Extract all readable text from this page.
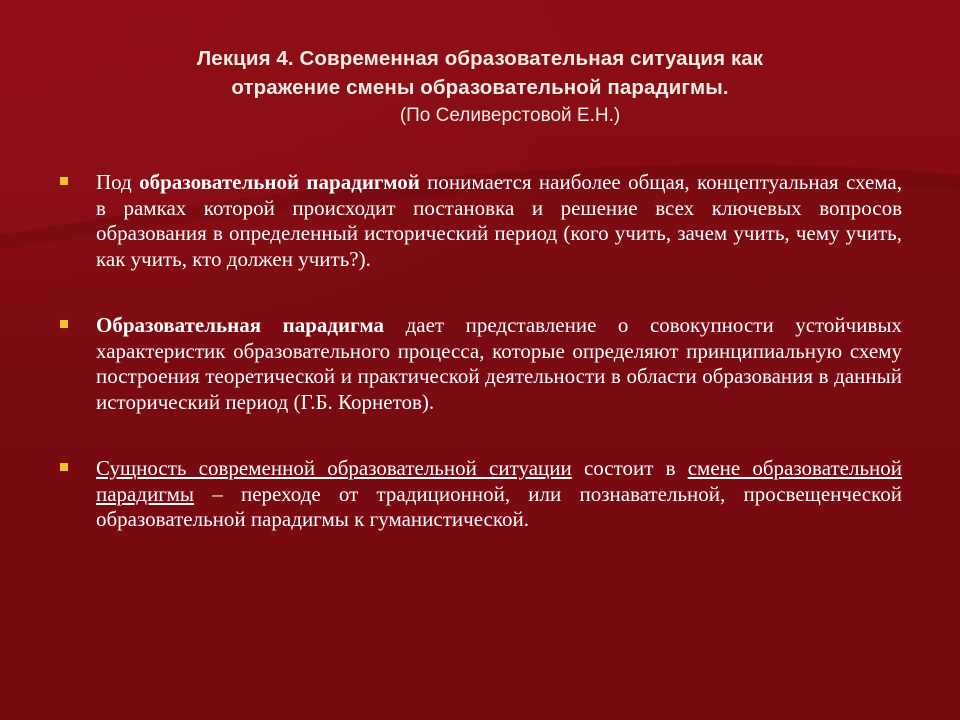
Лекция 4. Современная образовательная ситуация как
отражение смены образовательной парадигмы.
(По Селиверстовой Е.Н.)
Под образовательной парадигмой понимается наиболее общая, концептуальная схема, в рамках которой происходит постановка и решение всех ключевых вопросов образования в определенный исторический период (кого учить, зачем учить, чему учить, как учить, кто должен учить?).
Образовательная парадигма дает представление о совокупности устойчивых характеристик образовательного процесса, которые определяют принципиальную схему построения теоретической и практической деятельности в области образования в данный исторический период (Г.Б. Корнетов).
Сущность современной образовательной ситуации состоит в смене образовательной парадигмы – переходе от традиционной, или познавательной, просвещенческой образовательной парадигмы к гуманистической.
